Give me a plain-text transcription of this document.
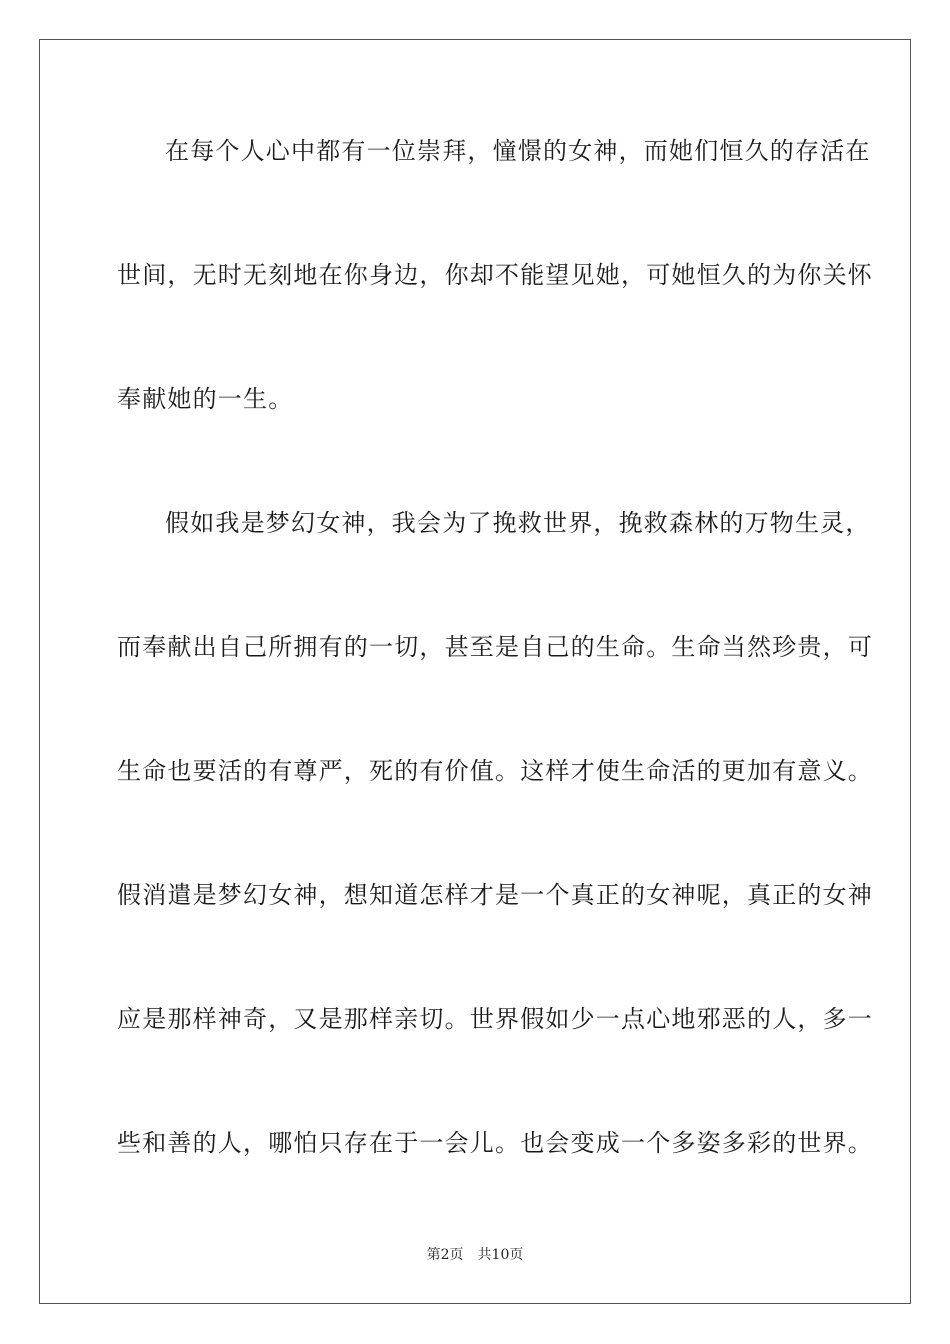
在每个人心中都有一位崇拜，憧憬的女神，而她们恒久的存活在
世间，无时无刻地在你身边，你却不能望见她，可她恒久的为你关怀
奉献她的一生。
假如我是梦幻女神，我会为了挽救世界，挽救森林的万物生灵，
而奉献出自己所拥有的一切，甚至是自己的生命。生命当然珍贵，可
生命也要活的有尊严，死的有价值。这样才使生命活的更加有意义。
假消遣是梦幻女神，想知道怎样才是一个真正的女神呢，真正的女神
应是那样神奇，又是那样亲切。世界假如少一点心地邪恶的人，多一
些和善的人，哪怕只存在于一会儿。也会变成一个多姿多彩的世界。
第2页 共10页
